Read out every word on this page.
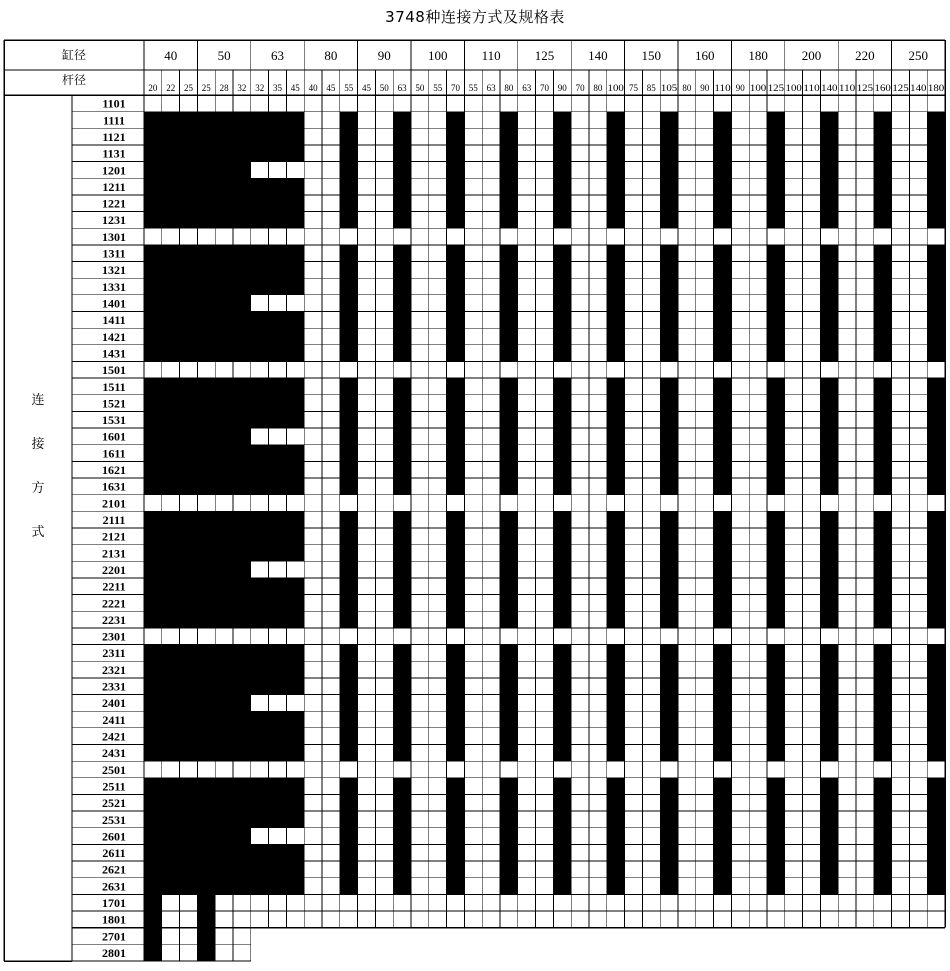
3748种连接方式及规格表
缸径
杆径
连
接
方
式
40
20 22 25
50
25 28 32
63
32 35 45
80
40 45 55
90
45 50 63
100
50 55 70
110
55 63 80
125
63 70 90
140
70 80 100
150
75 85 105
160
80 90 110
180
90 100 125
200
100 110 140
220
110 125 160
250
125 140 180
1101
1111
1121
1131
1201
1211
1221
1231
1301
1311
1321
1331
1401
1411
1421
1431
1501
1511
1521
1531
1601
1611
1621
1631
2101
2111
2121
2131
2201
2211
2221
2231
2301
2311
2321
2331
2401
2411
2421
2431
2501
2511
2521
2531
2601
2611
2621
2631
1701
1801
2701
2801
